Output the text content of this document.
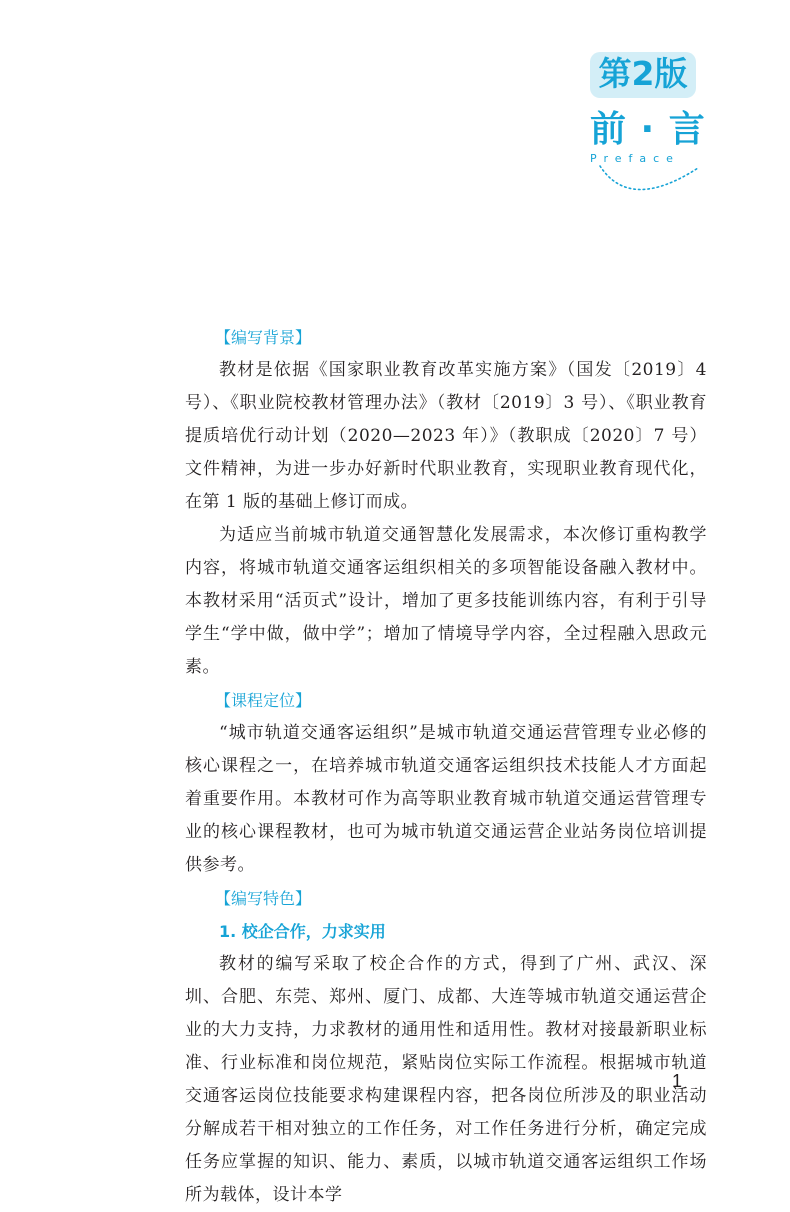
第2版
前 · 言
Preface
【编写背景】
教材是依据《国家职业教育改革实施方案》（国发〔2019〕4 号）、《职业院校教材管理办法》（教材〔2019〕3 号）、《职业教育提质培优行动计划（2020—2023 年）》（教职成〔2020〕7 号）文件精神，为进一步办好新时代职业教育，实现职业教育现代化，在第 1 版的基础上修订而成。
为适应当前城市轨道交通智慧化发展需求，本次修订重构教学内容，将城市轨道交通客运组织相关的多项智能设备融入教材中。本教材采用“活页式”设计，增加了更多技能训练内容，有利于引导学生“学中做，做中学”；增加了情境导学内容，全过程融入思政元素。
【课程定位】
“城市轨道交通客运组织”是城市轨道交通运营管理专业必修的核心课程之一，在培养城市轨道交通客运组织技术技能人才方面起着重要作用。本教材可作为高等职业教育城市轨道交通运营管理专业的核心课程教材，也可为城市轨道交通运营企业站务岗位培训提供参考。
【编写特色】
1. 校企合作，力求实用
教材的编写采取了校企合作的方式，得到了广州、武汉、深圳、合肥、东莞、郑州、厦门、成都、大连等城市轨道交通运营企业的大力支持，力求教材的通用性和适用性。教材对接最新职业标准、行业标准和岗位规范，紧贴岗位实际工作流程。根据城市轨道交通客运岗位技能要求构建课程内容，把各岗位所涉及的职业活动分解成若干相对独立的工作任务，对工作任务进行分析，确定完成任务应掌握的知识、能力、素质，以城市轨道交通客运组织工作场所为载体，设计本学
1
